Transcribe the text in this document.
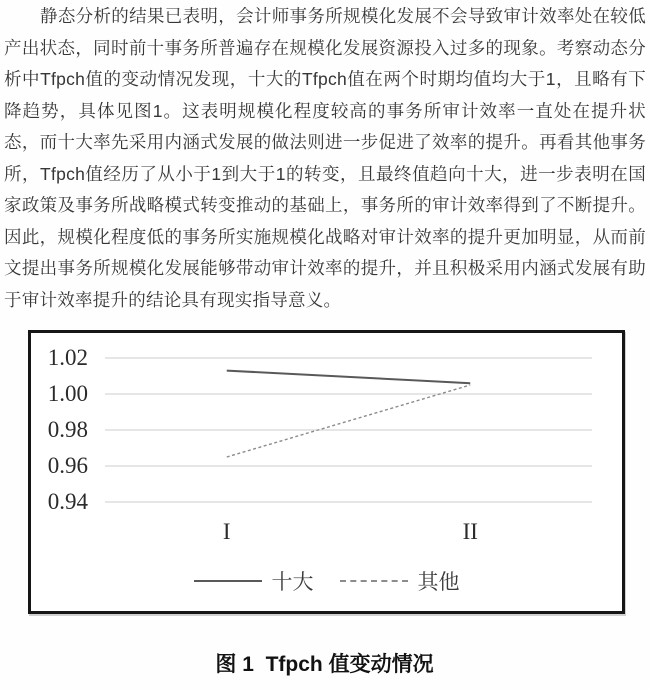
静态分析的结果已表明，会计师事务所规模化发展不会导致审计效率处在较低产出状态，同时前十事务所普遍存在规模化发展资源投入过多的现象。考察动态分析中Tfpch值的变动情况发现，十大的Tfpch值在两个时期均值均大于1，且略有下降趋势，具体见图1。这表明规模化程度较高的事务所审计效率一直处在提升状态，而十大率先采用内涵式发展的做法则进一步促进了效率的提升。再看其他事务所，Tfpch值经历了从小于1到大于1的转变，且最终值趋向十大，进一步表明在国家政策及事务所战略模式转变推动的基础上，事务所的审计效率得到了不断提升。因此，规模化程度低的事务所实施规模化战略对审计效率的提升更加明显，从而前文提出事务所规模化发展能够带动审计效率的提升，并且积极采用内涵式发展有助于审计效率提升的结论具有现实指导意义。

1.02
1.00
0.98
0.96
0.94
I	II
十大	其他
图 1  Tfpch 值变动情况
